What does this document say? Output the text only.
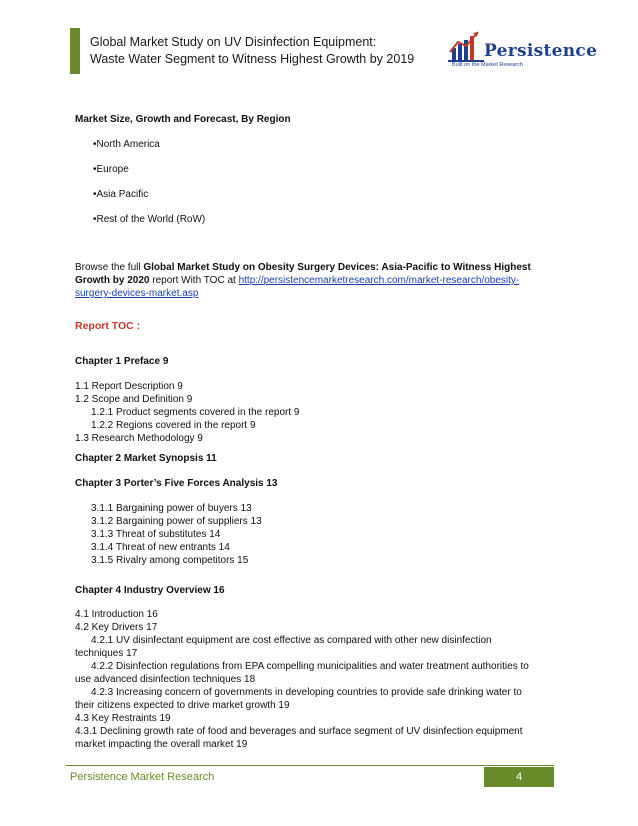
Global Market Study on UV Disinfection Equipment:
Waste Water Segment to Witness Highest Growth by 2019	Persistence
Built on the Market Research
Market Size, Growth and Forecast, By Region
•North America
•Europe
•Asia Pacific
•Rest of the World (RoW)
Browse the full Global Market Study on Obesity Surgery Devices: Asia-Pacific to Witness Highest
Growth by 2020 report With TOC at http://persistencemarketresearch.com/market-research/obesity-
surgery-devices-market.asp
Report TOC :
Chapter 1 Preface 9
1.1 Report Description 9
1.2 Scope and Definition 9
1.2.1 Product segments covered in the report 9
1.2.2 Regions covered in the report 9
1.3 Research Methodology 9
Chapter 2 Market Synopsis 11
Chapter 3 Porter’s Five Forces Analysis 13
3.1.1 Bargaining power of buyers 13
3.1.2 Bargaining power of suppliers 13
3.1.3 Threat of substitutes 14
3.1.4 Threat of new entrants 14
3.1.5 Rivalry among competitors 15
Chapter 4 Industry Overview 16
4.1 Introduction 16
4.2 Key Drivers 17
4.2.1 UV disinfectant equipment are cost effective as compared with other new disinfection
techniques 17
4.2.2 Disinfection regulations from EPA compelling municipalities and water treatment authorities to
use advanced disinfection techniques 18
4.2.3 Increasing concern of governments in developing countries to provide safe drinking water to
their citizens expected to drive market growth 19
4.3 Key Restraints 19
4.3.1 Declining growth rate of food and beverages and surface segment of UV disinfection equipment
market impacting the overall market 19
Persistence Market Research	4
